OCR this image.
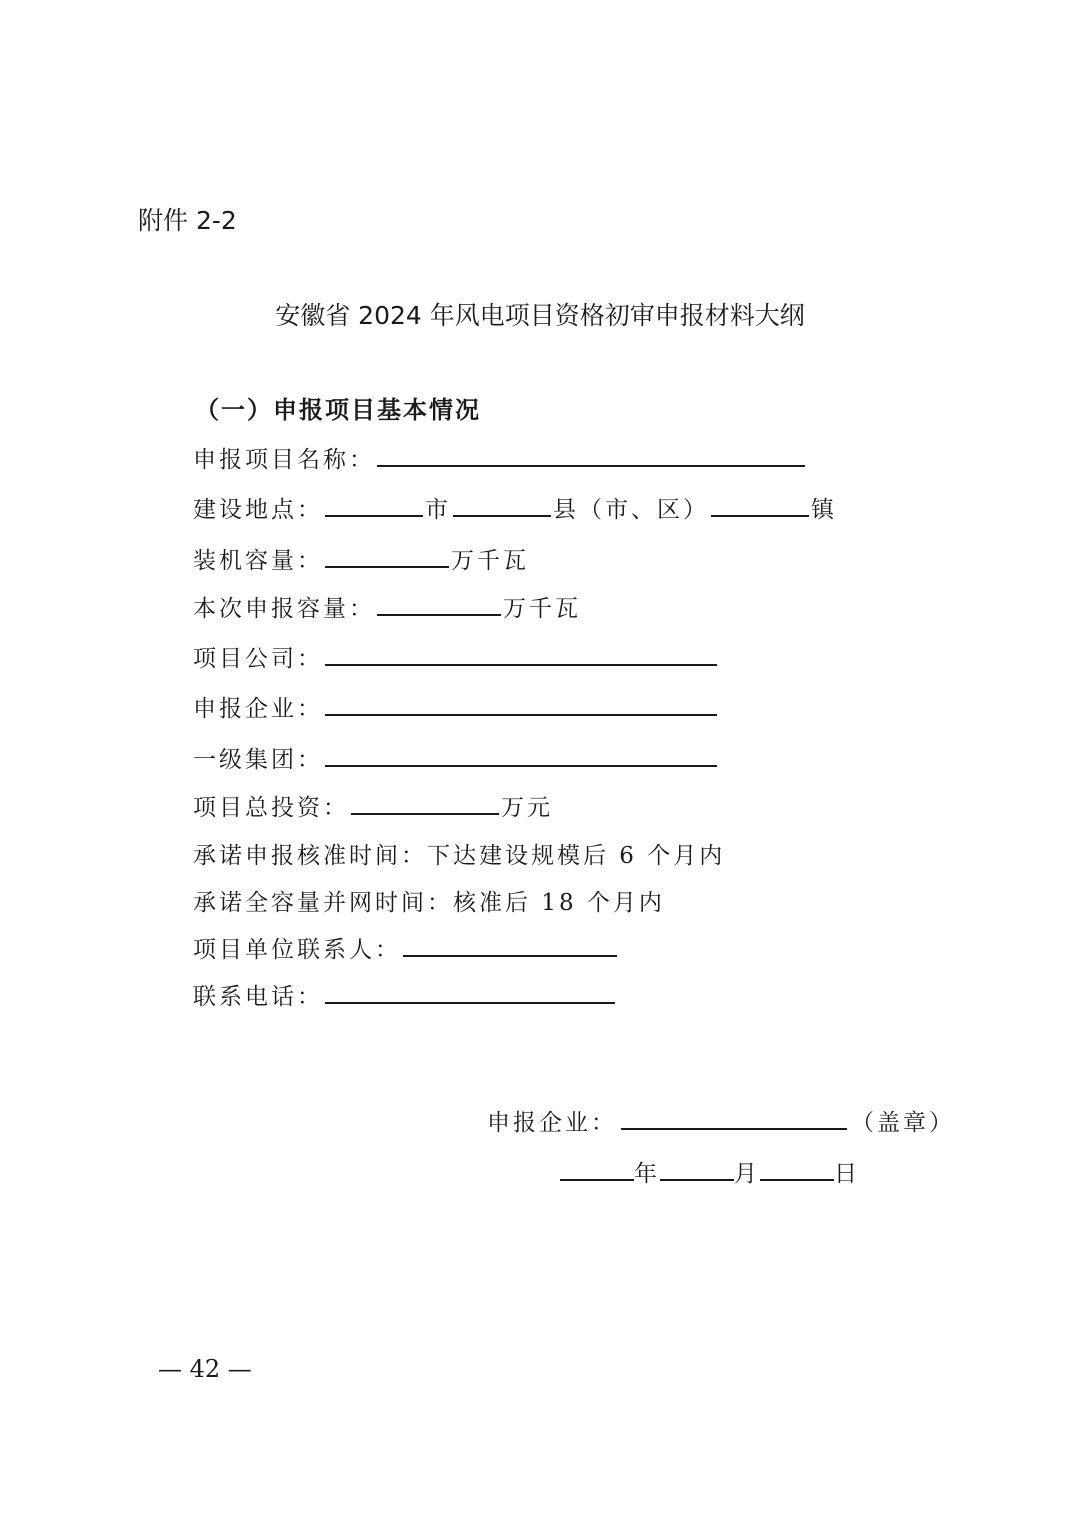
附件 2-2
安徽省 2024 年风电项目资格初审申报材料大纲
（一）申报项目基本情况
申报项目名称：
建设地点：	市	县（市、区）	镇
装机容量：	万千瓦
本次申报容量：	万千瓦
项目公司：
申报企业：
一级集团：
项目总投资：	万元
承诺申报核准时间：下达建设规模后 6 个月内
承诺全容量并网时间：核准后 18 个月内
项目单位联系人：
联系电话：
申报企业：	（盖章）
年	月	日
— 42 —
